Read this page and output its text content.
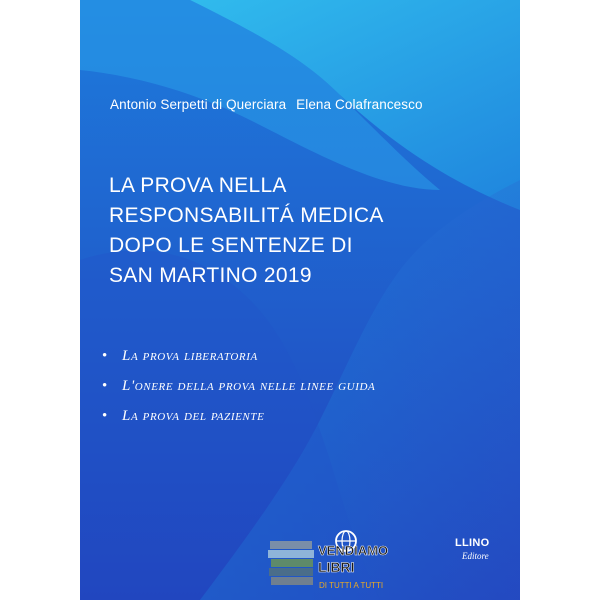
Antonio Serpetti di Querciara Elena Colafrancesco
LA PROVA NELLA
RESPONSABILITÁ MEDICA
DOPO LE SENTENZE DI
SAN MARTINO 2019
• La prova liberatoria
• L'onere della prova nelle linee guida
• La prova del paziente
LLINO
Editore
VENDIAMO
LIBRI
DI TUTTI A TUTTI
